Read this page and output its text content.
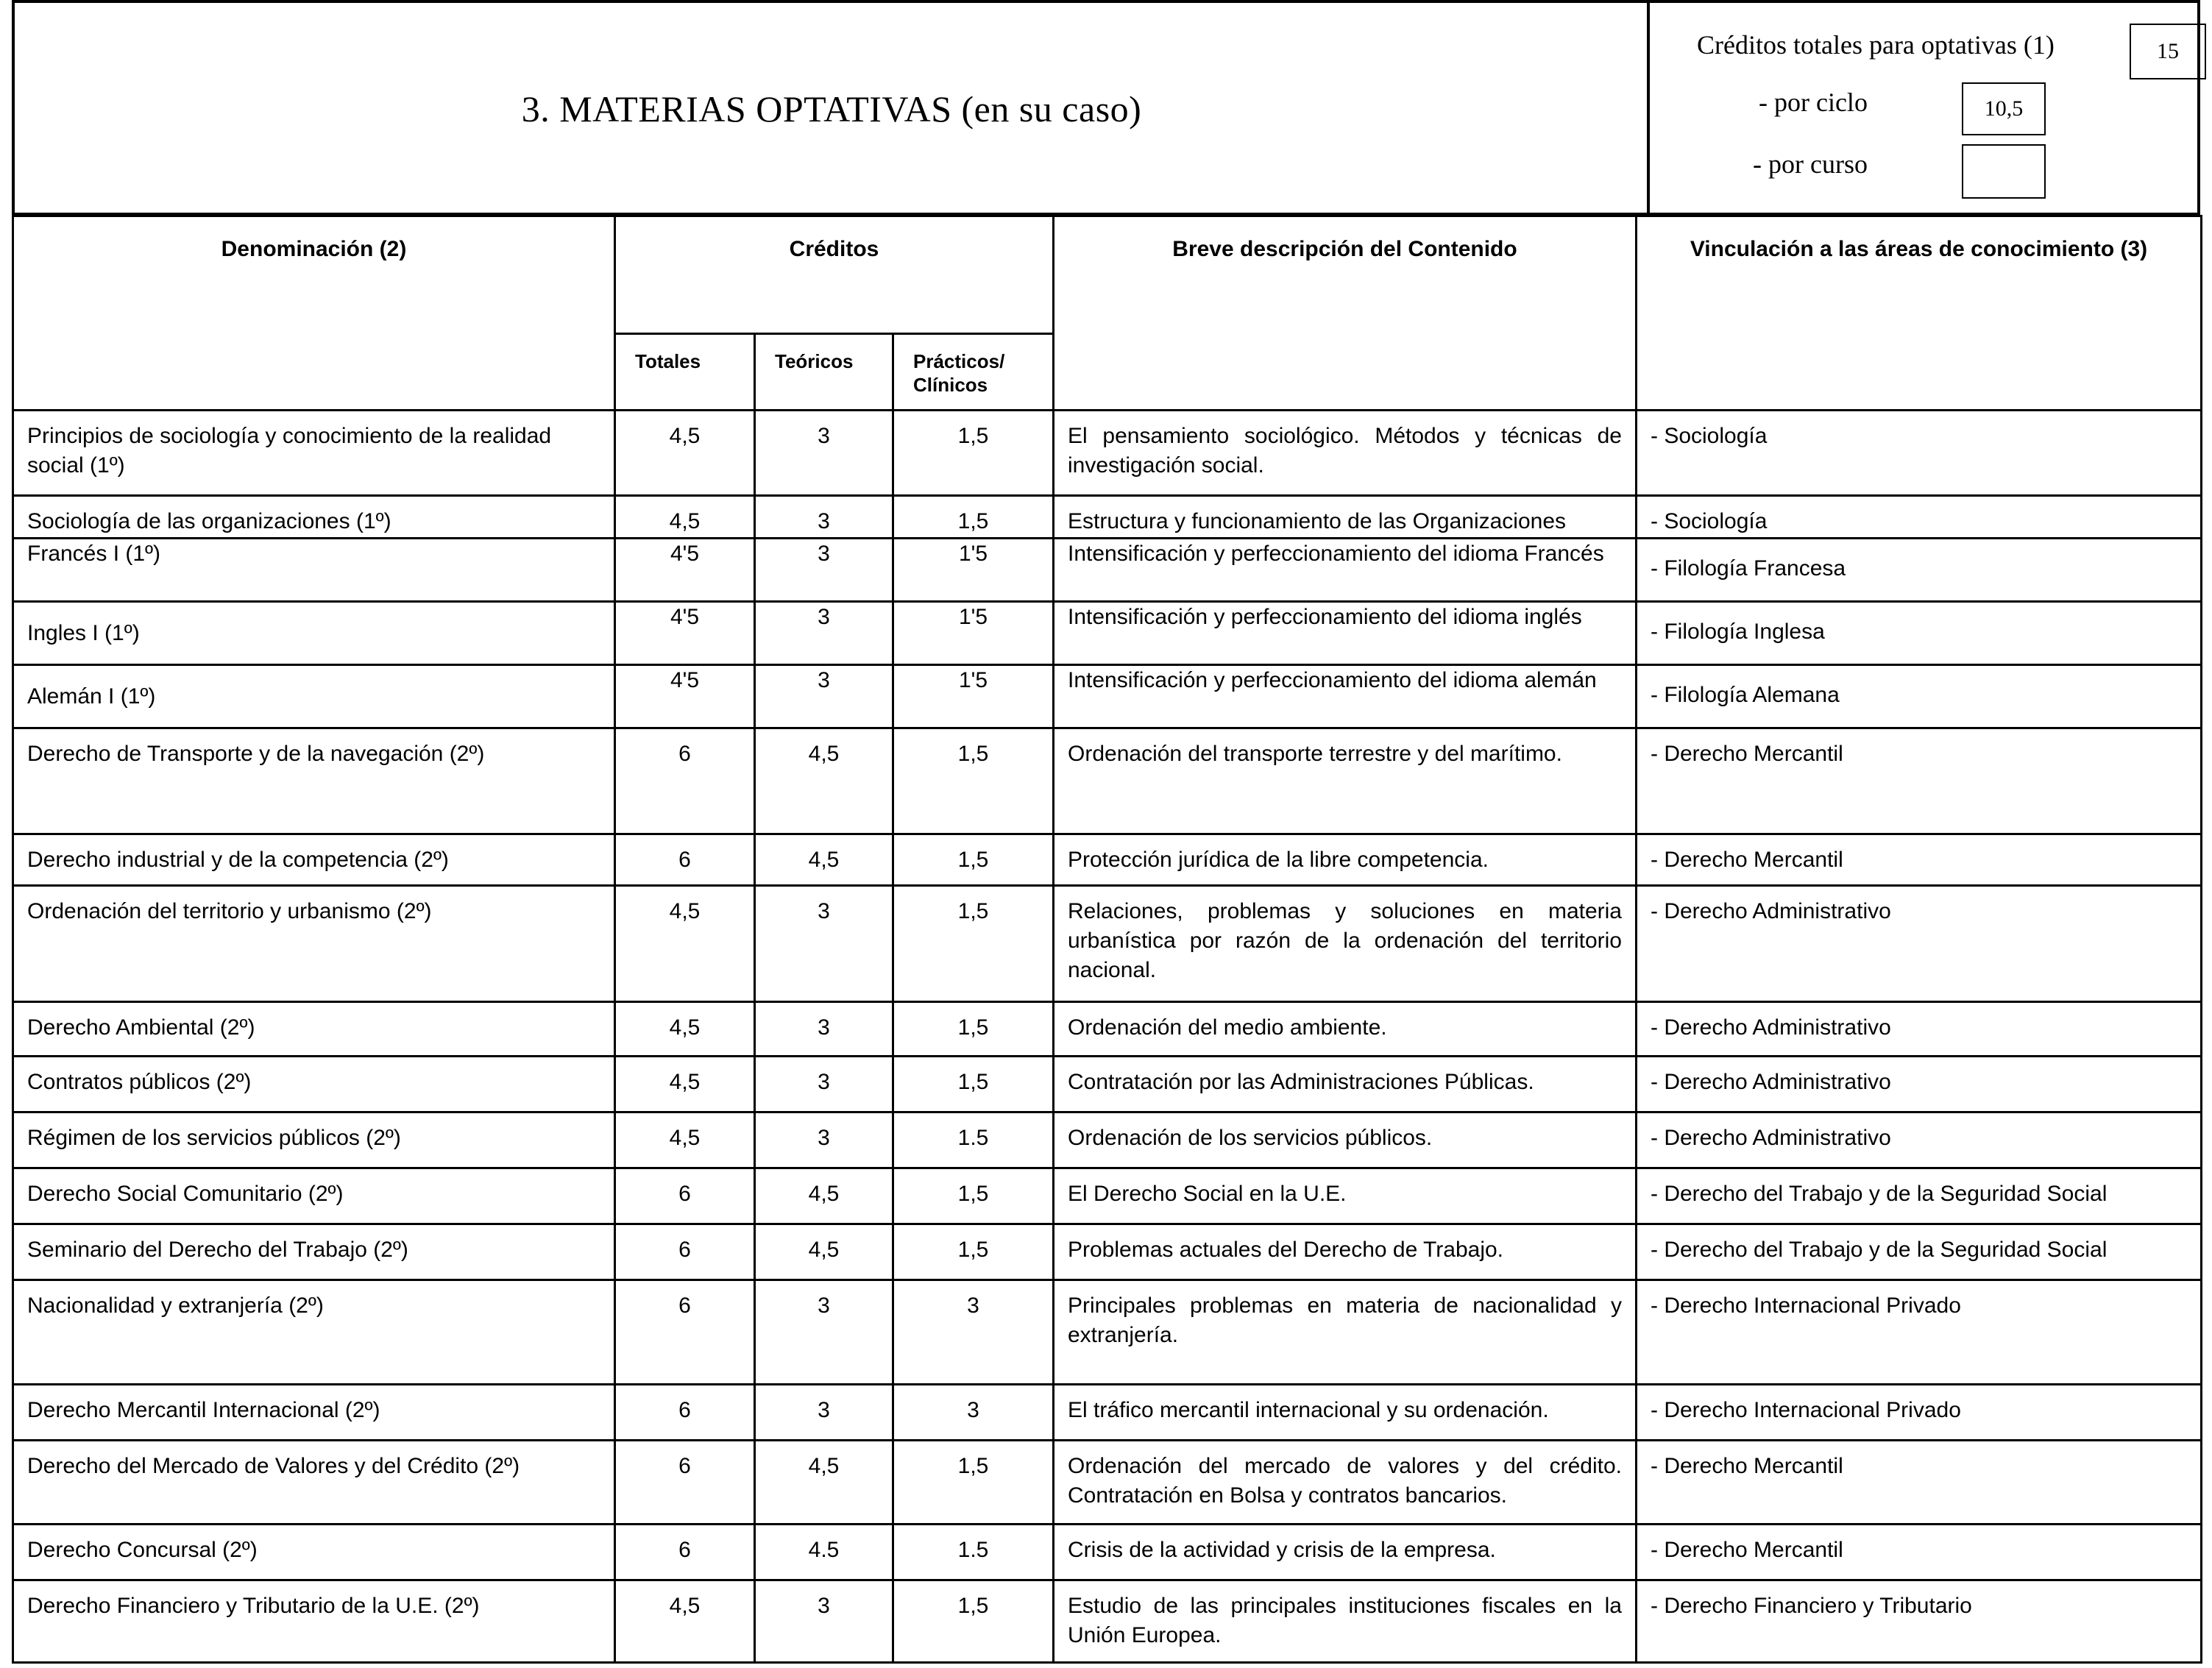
3. MATERIAS OPTATIVAS (en su caso)
Créditos totales para optativas (1)	15
- por ciclo	10,5
- por curso
Denominación (2)	Créditos			Breve descripción del Contenido	Vinculación a las áreas de conocimiento (3)
	Totales	Teóricos	Prácticos/ Clínicos		
Principios de sociología y conocimiento de la realidad social (1º)	4,5	3	1,5	El pensamiento sociológico. Métodos y técnicas de investigación social.	- Sociología
Sociología de las organizaciones (1º)	4,5	3	1,5	Estructura y funcionamiento de las Organizaciones	- Sociología
Francés I (1º)	4'5	3	1'5	Intensificación y perfeccionamiento del idioma Francés	- Filología Francesa
Ingles I (1º)	4'5	3	1'5	Intensificación y perfeccionamiento del idioma inglés	- Filología Inglesa
Alemán I (1º)	4'5	3	1'5	Intensificación y perfeccionamiento del idioma alemán	- Filología Alemana
Derecho de Transporte y de la navegación (2º)	6	4,5	1,5	Ordenación del transporte terrestre y del marítimo.	- Derecho Mercantil
Derecho industrial y de la competencia (2º)	6	4,5	1,5	Protección jurídica de la libre competencia.	- Derecho Mercantil
Ordenación del territorio y urbanismo (2º)	4,5	3	1,5	Relaciones, problemas y soluciones en materia urbanística por razón de la ordenación del territorio nacional.	- Derecho Administrativo
Derecho Ambiental (2º)	4,5	3	1,5	Ordenación del medio ambiente.	- Derecho Administrativo
Contratos públicos (2º)	4,5	3	1,5	Contratación por las Administraciones Públicas.	- Derecho Administrativo
Régimen de los servicios públicos (2º)	4,5	3	1.5	Ordenación de los servicios públicos.	- Derecho Administrativo
Derecho Social Comunitario (2º)	6	4,5	1,5	El Derecho Social en la U.E.	- Derecho del Trabajo y de la Seguridad Social
Seminario del Derecho del Trabajo (2º)	6	4,5	1,5	Problemas actuales del Derecho de Trabajo.	- Derecho del Trabajo y de la Seguridad Social
Nacionalidad y extranjería (2º)	6	3	3	Principales problemas en materia de nacionalidad y extranjería.	- Derecho Internacional Privado
Derecho Mercantil Internacional (2º)	6	3	3	El tráfico mercantil internacional y su ordenación.	- Derecho Internacional Privado
Derecho del Mercado de Valores y del Crédito (2º)	6	4,5	1,5	Ordenación del mercado de valores y del crédito. Contratación en Bolsa y contratos bancarios.	- Derecho Mercantil
Derecho Concursal (2º)	6	4.5	1.5	Crisis de la actividad y crisis de la empresa.	- Derecho Mercantil
Derecho Financiero y Tributario de la U.E. (2º)	4,5	3	1,5	Estudio de las principales instituciones fiscales en la Unión Europea.	- Derecho Financiero y Tributario
